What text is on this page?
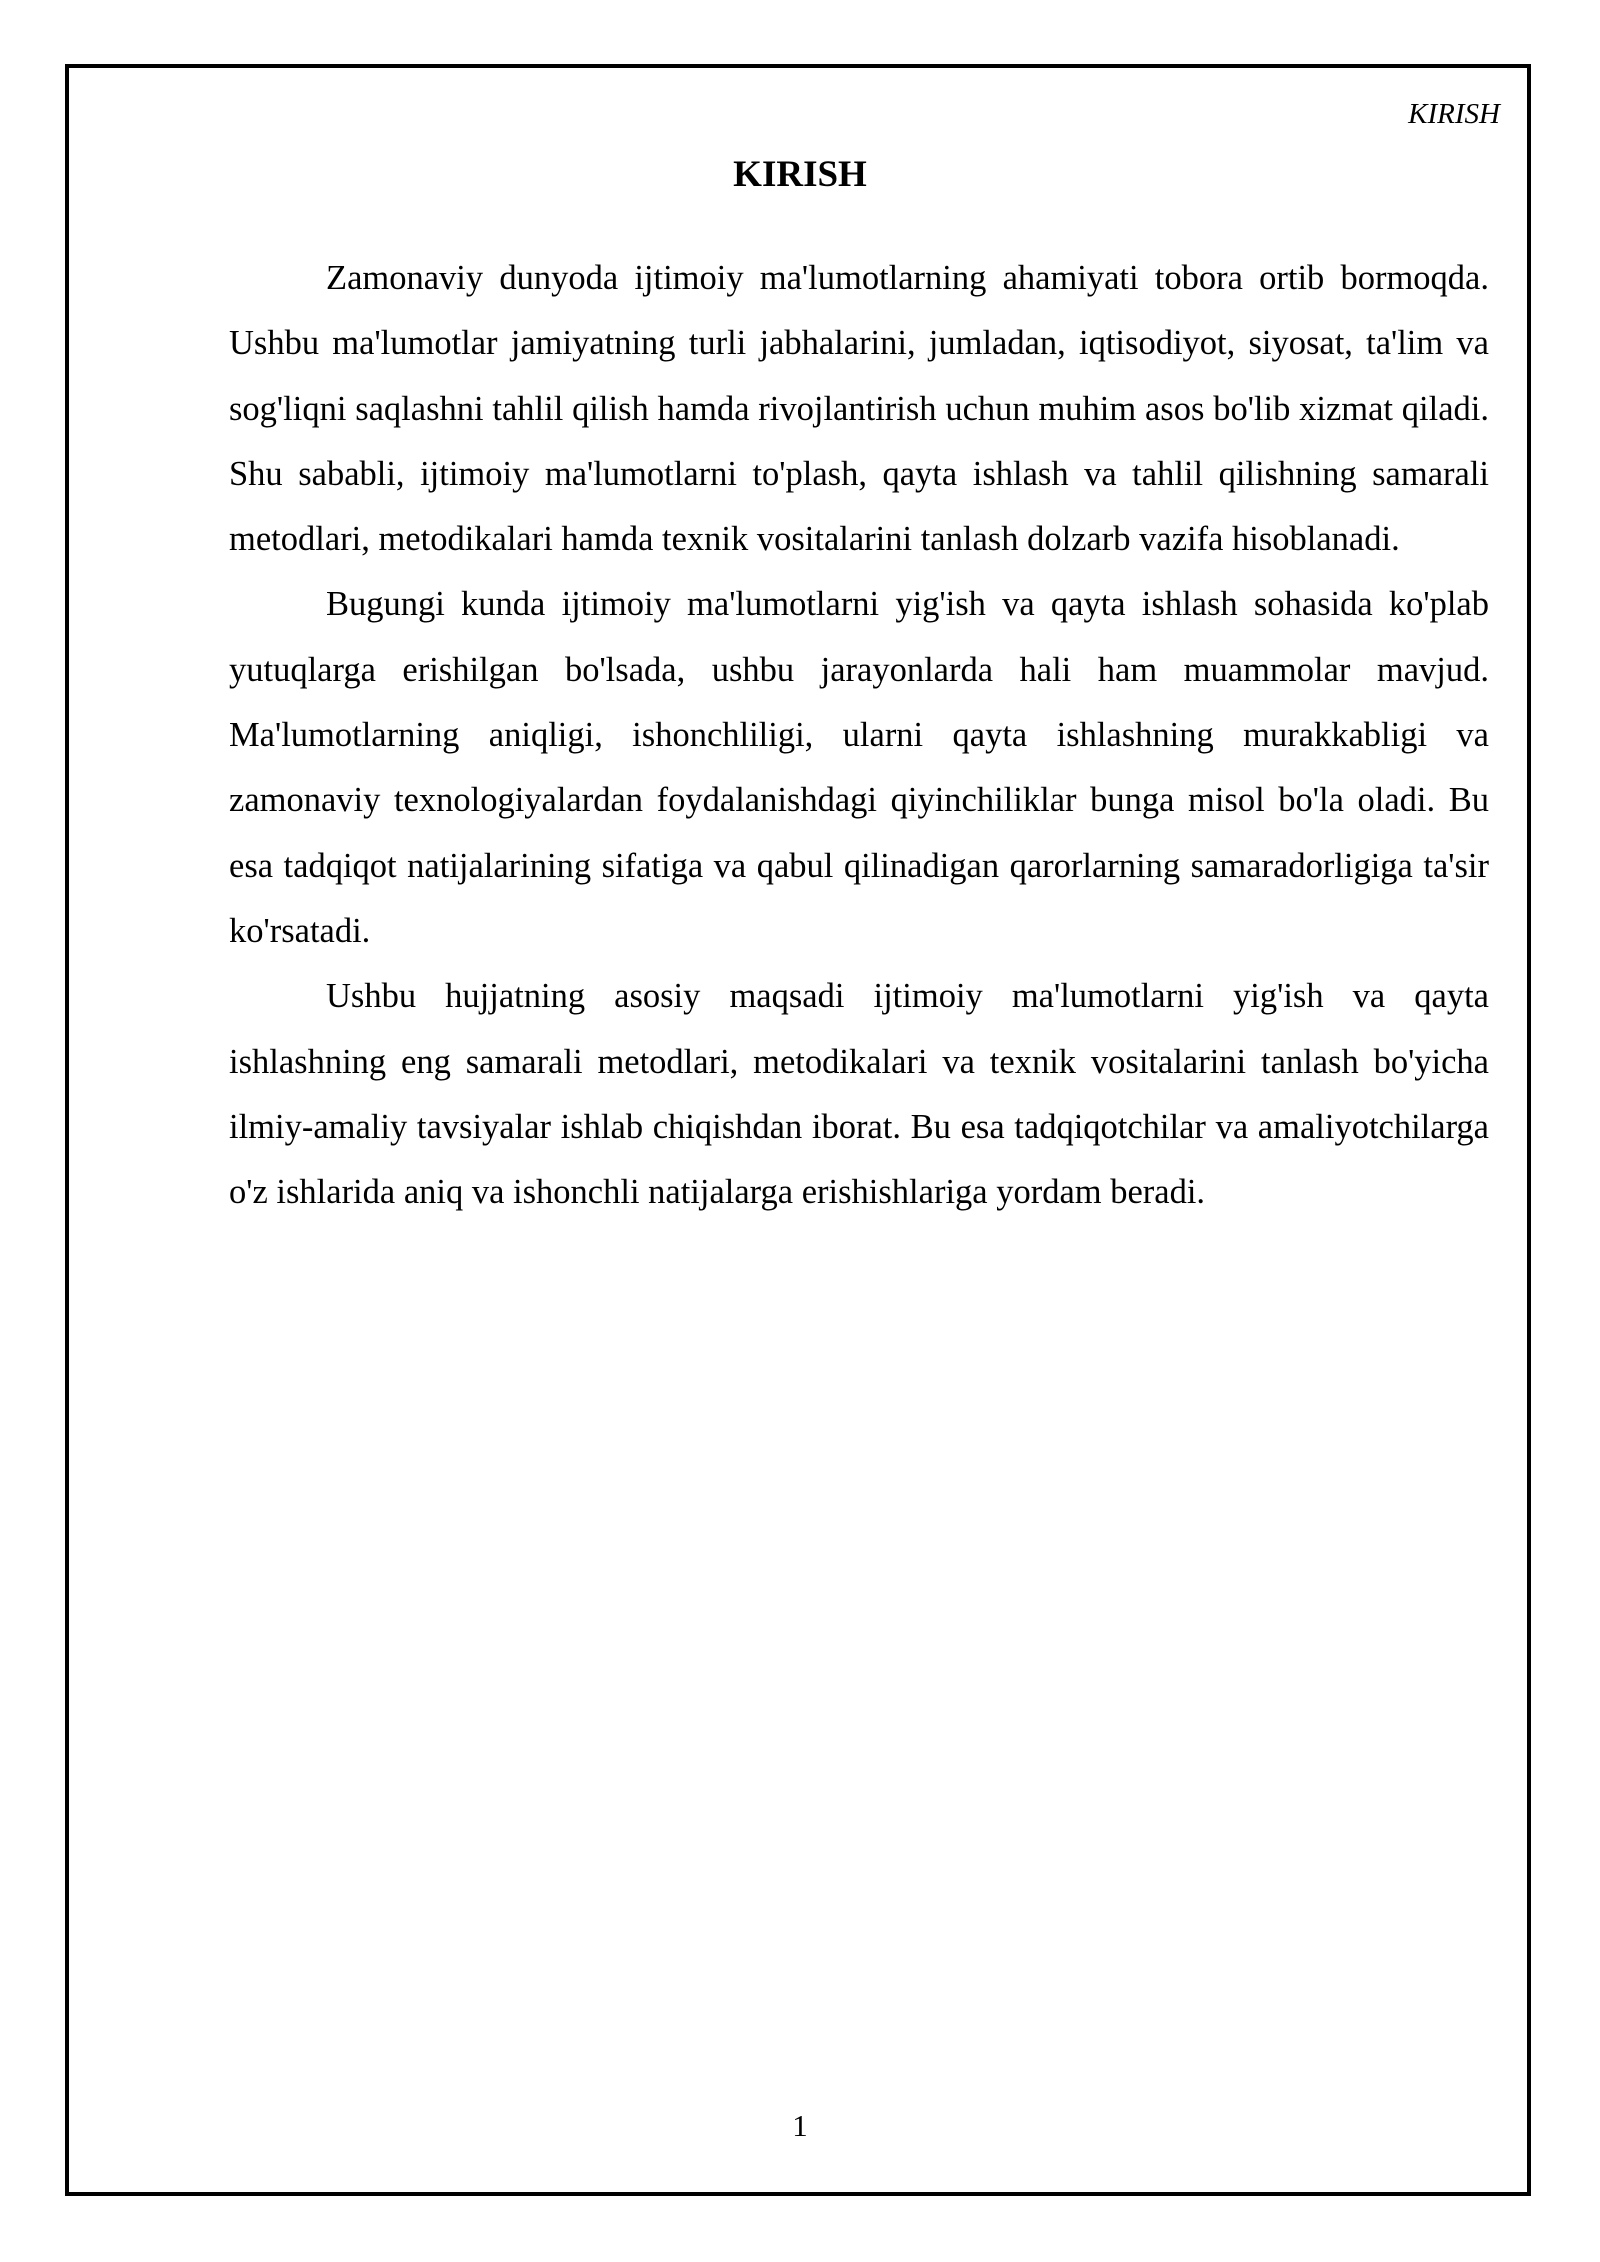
KIRISH
KIRISH

Zamonaviy dunyoda ijtimoiy ma'lumotlarning ahamiyati tobora ortib bormoqda. Ushbu ma'lumotlar jamiyatning turli jabhalarini, jumladan, iqtisodiyot, siyosat, ta'lim va sog'liqni saqlashni tahlil qilish hamda rivojlantirish uchun muhim asos bo'lib xizmat qiladi. Shu sababli, ijtimoiy ma'lumotlarni to'plash, qayta ishlash va tahlil qilishning samarali metodlari, metodikalari hamda texnik vositalarini tanlash dolzarb vazifa hisoblanadi.

Bugungi kunda ijtimoiy ma'lumotlarni yig'ish va qayta ishlash sohasida ko'plab yutuqlarga erishilgan bo'lsada, ushbu jarayonlarda hali ham muammolar mavjud. Ma'lumotlarning aniqligi, ishonchliligi, ularni qayta ishlashning murakkabligi va zamonaviy texnologiyalardan foydalanishdagi qiyinchiliklar bunga misol bo'la oladi. Bu esa tadqiqot natijalarining sifatiga va qabul qilinadigan qarorlarning samaradorligiga ta'sir ko'rsatadi.

Ushbu hujjatning asosiy maqsadi ijtimoiy ma'lumotlarni yig'ish va qayta ishlashning eng samarali metodlari, metodikalari va texnik vositalarini tanlash bo'yicha ilmiy-amaliy tavsiyalar ishlab chiqishdan iborat. Bu esa tadqiqotchilar va amaliyotchilarga o'z ishlarida aniq va ishonchli natijalarga erishishlariga yordam beradi.

1
